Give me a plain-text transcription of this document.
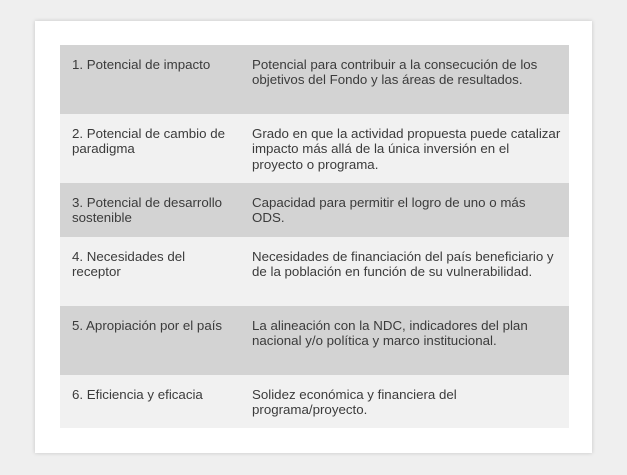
1. Potencial de impacto	Potencial para contribuir a la consecución de los objetivos del Fondo y las áreas de resultados.
2. Potencial de cambio de paradigma	Grado en que la actividad propuesta puede catalizar impacto más allá de la única inversión en el proyecto o programa.
3. Potencial de desarrollo sostenible	Capacidad para permitir el logro de uno o más ODS.
4. Necesidades del receptor	Necesidades de financiación del país beneficiario y de la población en función de su vulnerabilidad.
5. Apropiación por el país	La alineación con la NDC, indicadores del plan nacional y/o política y marco institucional.
6. Eficiencia y eficacia	Solidez económica y financiera del programa/proyecto.
